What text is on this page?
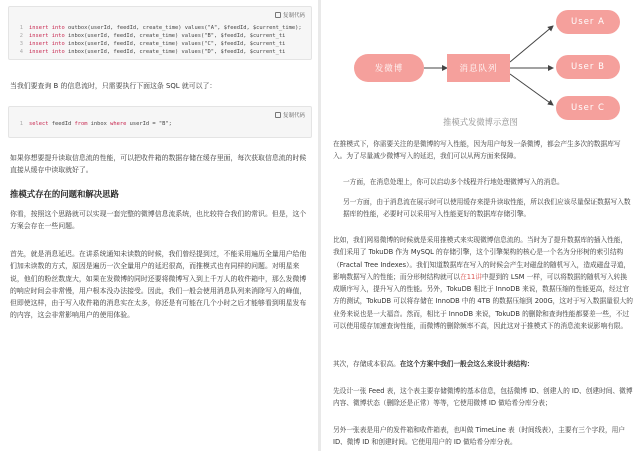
复制代码
1 insert into outbox(userId, feedId, create_time) values("A", $feedId, $current_time);
2 insert into inbox(userId, feedId, create_time) values("B", $feedId, $current_ti
3 insert into inbox(userId, feedId, create_time) values("C", $feedId, $current_ti
4 insert into inbox(userId, feedId, create_time) values("D", $feedId, $current_ti
当我们要查询 B 的信息流时，只需要执行下面这条 SQL 就可以了：
复制代码
1 select feedId from inbox where userId = "B";
如果你想要提升读取信息流的性能，可以把收件箱的数据存储在缓存里面，每次获取信息流的时候直接从缓存中读取就好了。
推模式存在的问题和解决思路
你看，按照这个思路就可以实现一套完整的微博信息流系统，也比较符合我们的常识。但是，这个方案会存在一些问题。
首先，就是消息延迟。在讲系统通知未读数的时候，我们曾经提到过，不能采用遍历全量用户给他们加未读数的方式，原因是遍历一次全量用户的延迟很高，而推模式也有同样的问题。对明星来说，他们的粉丝数庞大，如果在发微博的同时还要将微博写入到上千万人的收件箱中，那么发微博的响应时间会非常慢，用户根本没办法接受。因此，我们一般会使用消息队列来消除写入的峰值，但即使这样，由于写入收件箱的消息实在太多，你还是有可能在几个小时之后才能够看到明星发布的内容，这会非常影响用户的使用体验。
发微博	消息队列
User A
User B
User C
推模式发微博示意图
在推模式下，你需要关注的是微博的写入性能，因为用户每发一条微博，都会产生多次的数据库写入。为了尽量减少微博写入的延迟，我们可以从两方面来保障。
一方面，在消息处理上，你可以启动多个线程并行地处理微博写入的消息。
另一方面，由于消息流在展示时可以使用缓存来提升读取性能，所以我们应该尽量保证数据写入数据库的性能，必要时可以采用写入性能更好的数据库存储引擎。
比如，我们网易微博的时候就是采用推模式来实现微博信息流的。当时为了提升数据库的插入性能，我们采用了 TokuDB 作为 MySQL 的存储引擎，这个引擎架构的核心是一个名为分形树的索引结构（Fractal Tree Indexes）。我们知道数据库在写入的时候会产生对磁盘的随机写入，造成磁盘寻道，影响数据写入的性能；而分形树结构就可以在11讲中提到的 LSM 一样，可以将数据的随机写入转换成顺序写入，提升写入的性能。另外，TokuDB 相比于 InnoDB 来说，数据压缩的性能更高，经过官方的测试，TokuDB 可以将存储在 InnoDB 中的 4TB 的数据压缩到 200G，这对于写入数据量很大的业务来说也是一大福音。然而，相比于 InnoDB 来说，TokuDB 的删除和查询性能都要差一些，不过可以使用缓存加速查询性能，而微博的删除频率不高，因此这对于推模式下的消息流来说影响有限。
其次，存储成本很高。在这个方案中我们一般会这么来设计表结构：
先设计一张 Feed 表，这个表主要存储微博的基本信息，包括微博 ID、创建人的 ID、创建时间、微博内容、微博状态（删除还是正常）等等，它使用微博 ID 做哈希分库分表；
另外一张表是用户的发件箱和收件箱表，也叫做 TimeLine 表（时间线表），主要有三个字段，用户 ID、微博 ID 和创建时间。它使用用户的 ID 做哈希分库分表。
